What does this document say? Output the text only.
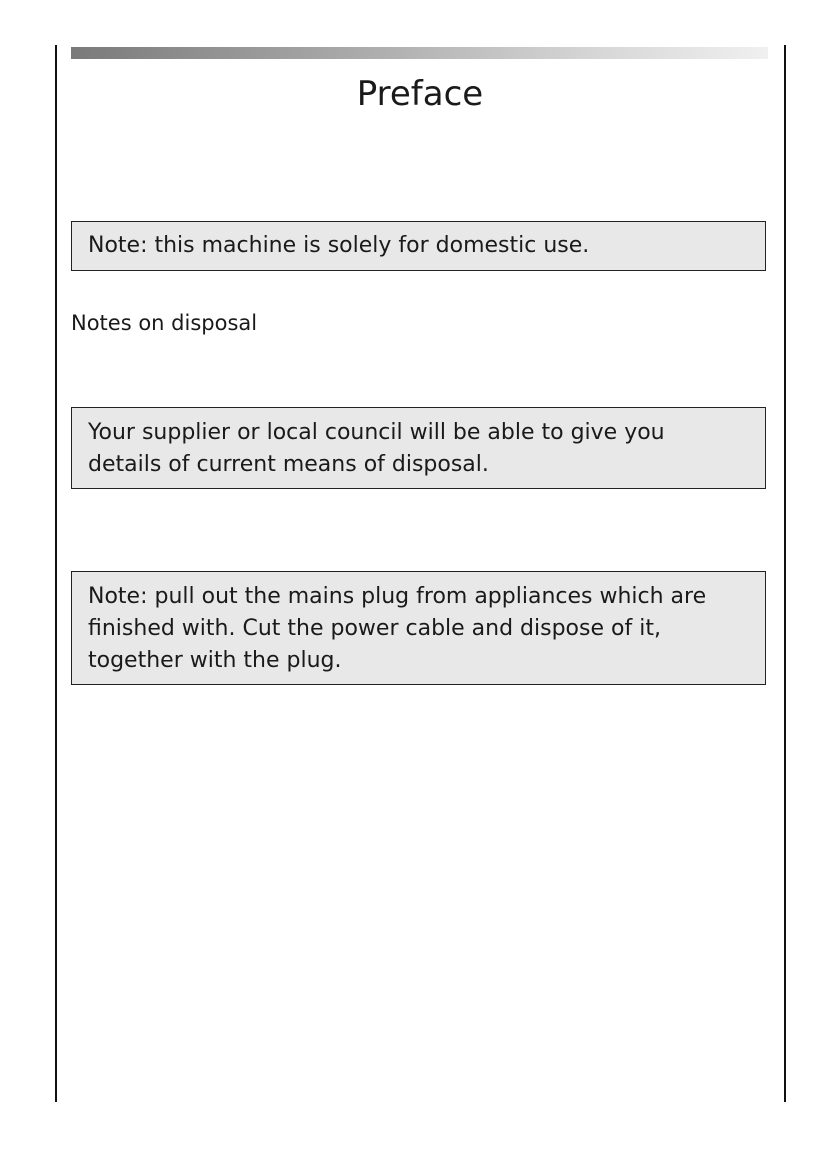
Preface
Note: this machine is solely for domestic use.
Notes on disposal
Your supplier or local council will be able to give you
details of current means of disposal.
Note: pull out the mains plug from appliances which are
finished with. Cut the power cable and dispose of it,
together with the plug.
